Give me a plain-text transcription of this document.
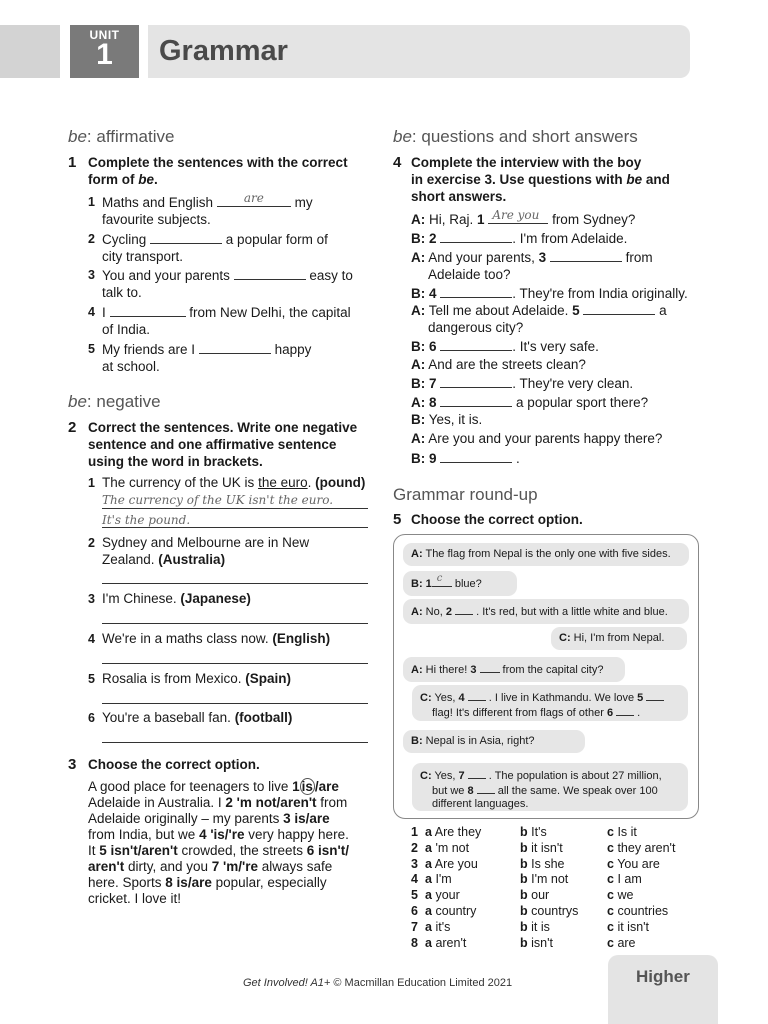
UNIT
1	Grammar
be: affirmative
1 Complete the sentences with the correct
form of be.
1 Maths and English	are	my
favourite subjects.
2 Cycling	a popular form of
city transport.
3 You and your parents	easy to
talk to.
4 I	from New Delhi, the capital
of India.
5 My friends are I	happy
at school.
be: negative
2 Correct the sentences. Write one negative
sentence and one affirmative sentence
using the word in brackets.
1 The currency of the UK is the euro. (pound)
The currency of the UK isn't the euro.
It's the pound.
2 Sydney and Melbourne are in New
Zealand. (Australia)
3 I'm Chinese. (Japanese)
4 We're in a maths class now. (English)
5 Rosalia is from Mexico. (Spain)
6 You're a baseball fan. (football)
3 Choose the correct option.
A good place for teenagers to live 1 is /are
Adelaide in Australia. I 2 'm not/aren't from
Adelaide originally – my parents 3 is/are
from India, but we 4 'is/'re very happy here.
It 5 isn't/aren't crowded, the streets 6 isn't/
aren't dirty, and you 7 'm/'re always safe
here. Sports 8 is/are popular, especially
cricket. I love it!
be: questions and short answers
4 Complete the interview with the boy
in exercise 3. Use questions with be and
short answers.
A: Hi, Raj. 1 Are you from Sydney?
B: 2	. I'm from Adelaide.
A: And your parents, 3	from
Adelaide too?
B: 4	. They're from India originally.
A: Tell me about Adelaide. 5	a
dangerous city?
B: 6	. It's very safe.
A: And are the streets clean?
B: 7	. They're very clean.
A: 8	a popular sport there?
B: Yes, it is.
A: Are you and your parents happy there?
B: 9	.
Grammar round-up
5 Choose the correct option.
A: The flag from Nepal is the only one with five sides.
B: 1 c blue?
A: No, 2  . It's red, but with a little white and blue.
C: Hi, I'm from Nepal.
A: Hi there! 3  from the capital city?
C: Yes, 4  . I live in Kathmandu. We love 5
flag! It's different from flags of other 6  .
B: Nepal is in Asia, right?
C: Yes, 7  . The population is about 27 million,
but we 8  all the same. We speak over 100
different languages.
1 a Are they	b It's	c Is it
2 a 'm not	b it isn't	c they aren't
3 a Are you	b Is she	c You are
4 a I'm	b I'm not	c I am
5 a your	b our	c we
6 a country	b countrys c countries
7 a it's	b it is	c it isn't
8 a aren't	b isn't	c are
Get Involved! A1+ © Macmillan Education Limited 2021	Higher
